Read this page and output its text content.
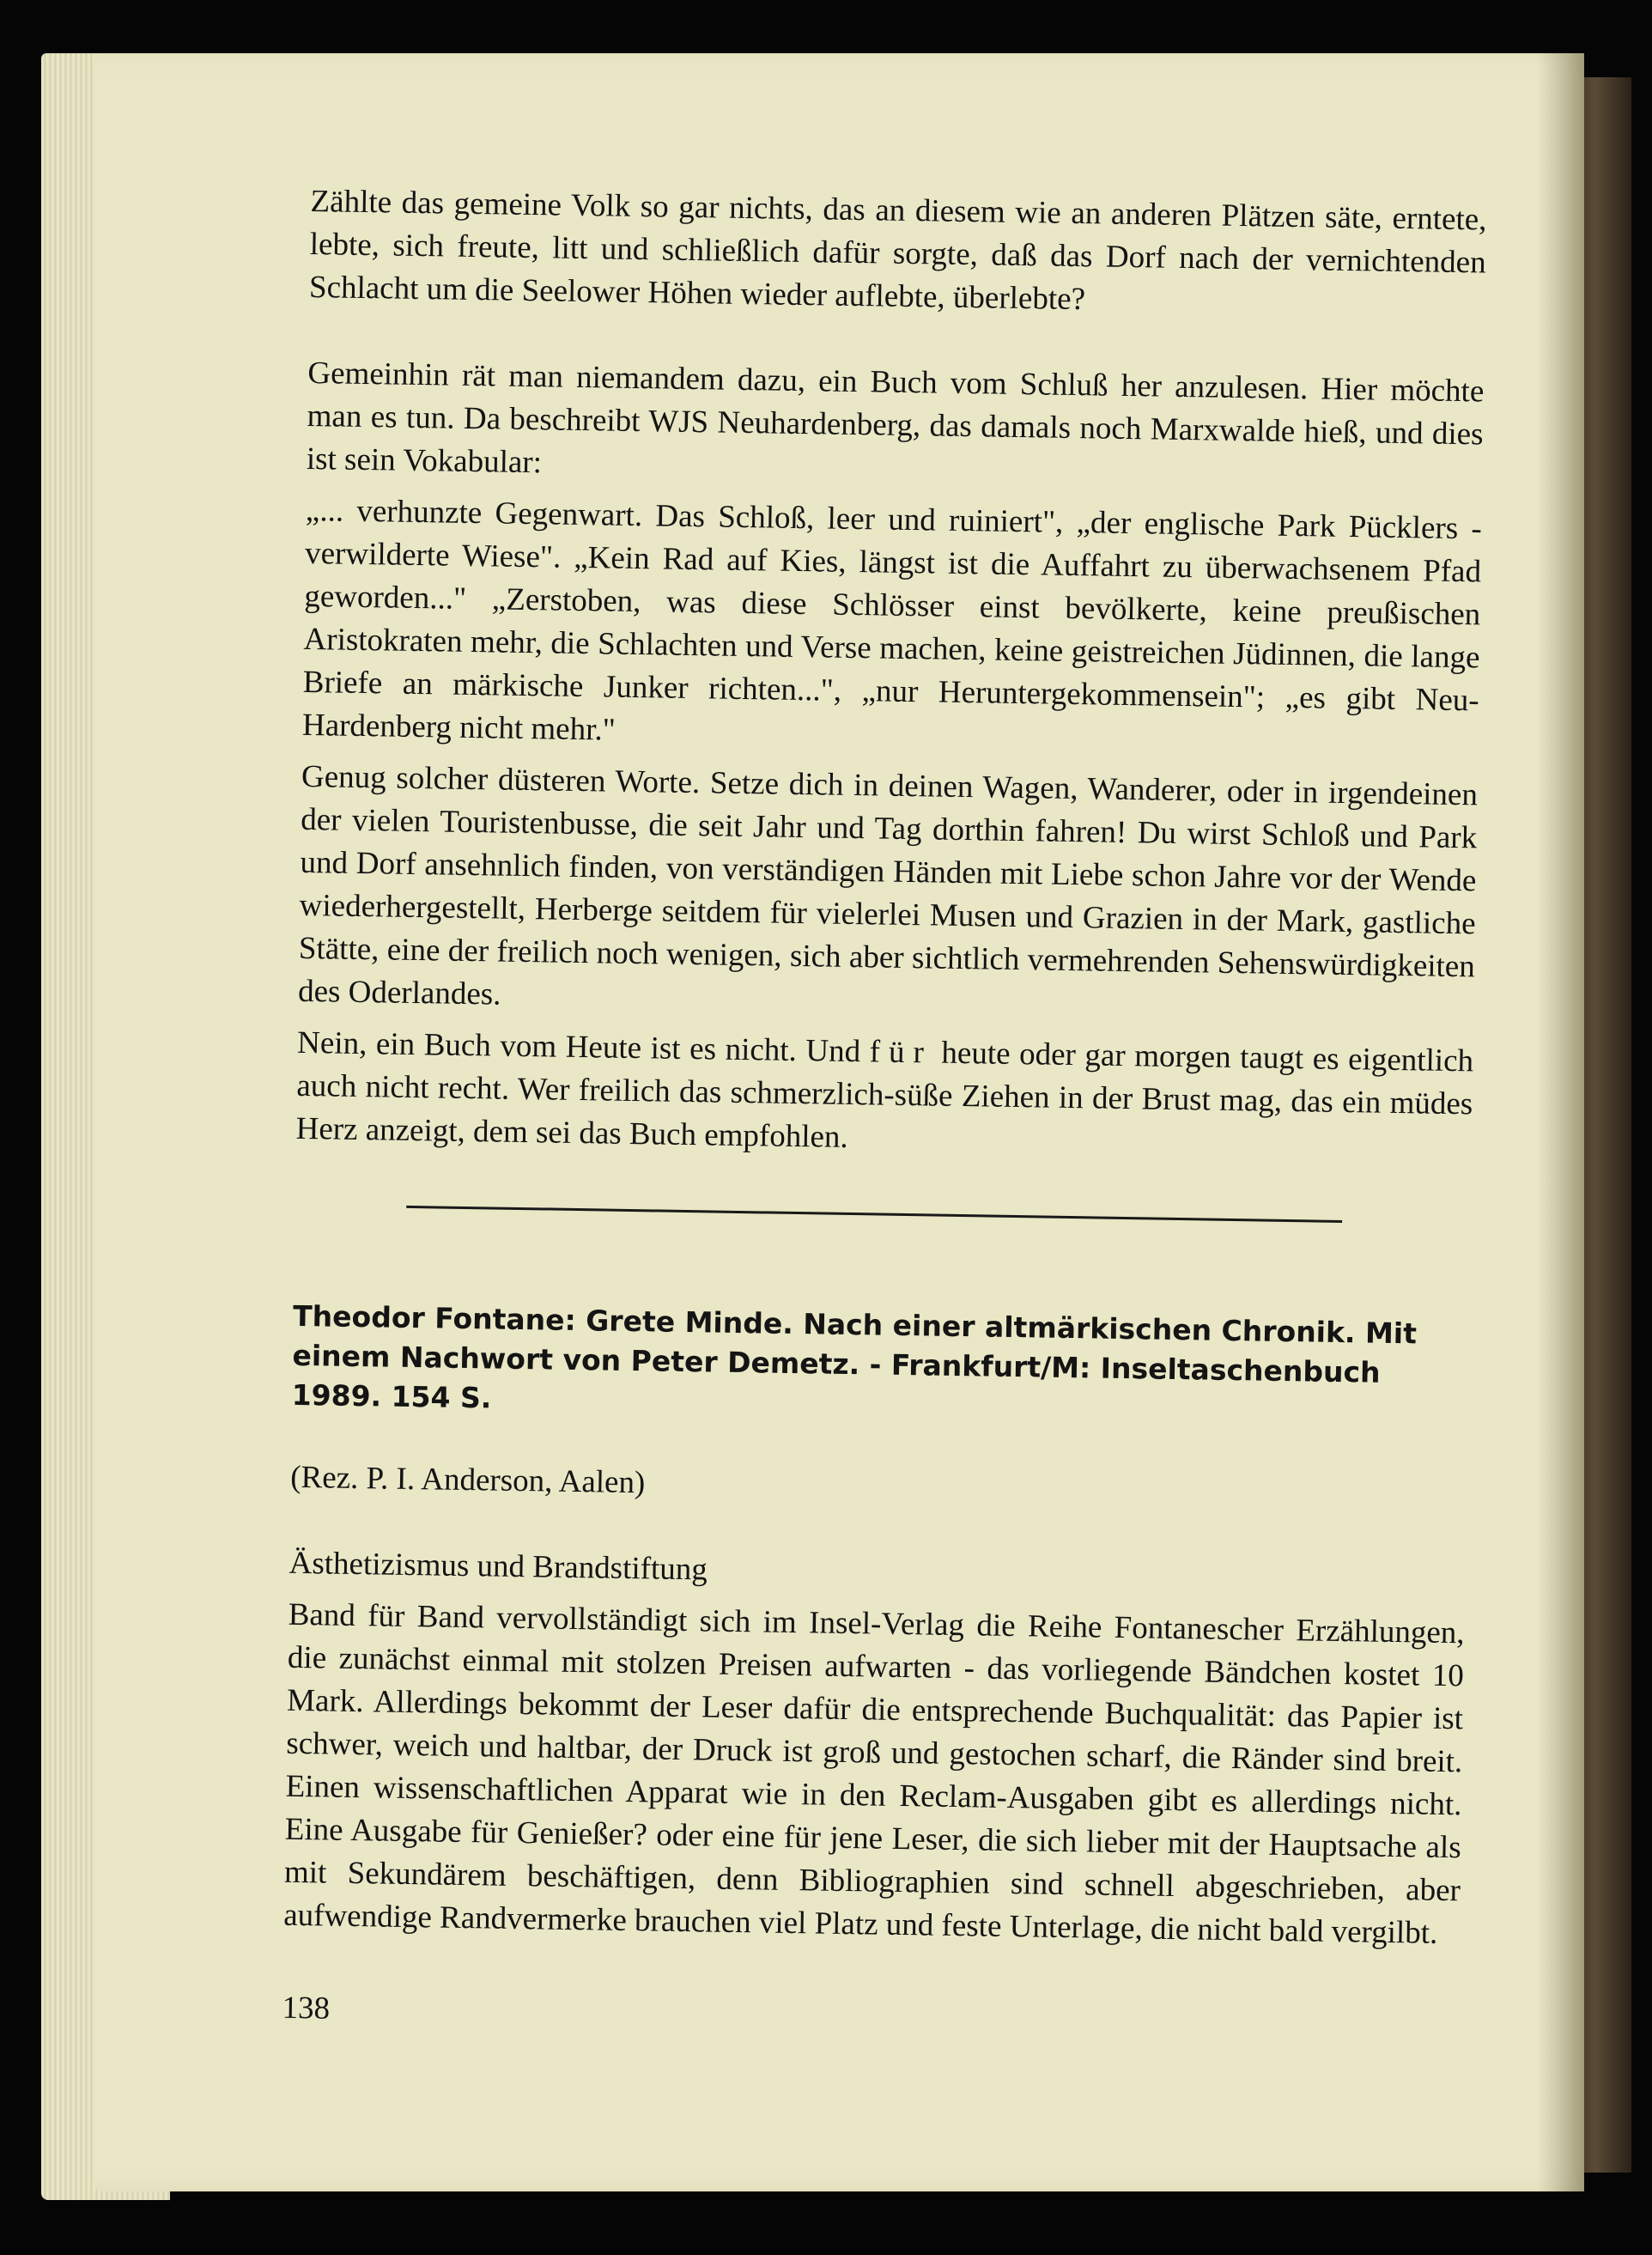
Zählte das gemeine Volk so gar nichts, das an diesem wie an anderen Plätzen säte, erntete, lebte, sich freute, litt und schließlich dafür sorgte, daß das Dorf nach der vernichtenden Schlacht um die Seelower Höhen wieder auflebte, überlebte?

Gemeinhin rät man niemandem dazu, ein Buch vom Schluß her anzulesen. Hier möchte man es tun. Da beschreibt WJS Neuhardenberg, das damals noch Marxwalde hieß, und dies ist sein Vokabular:

„... verhunzte Gegenwart. Das Schloß, leer und ruiniert", „der englische Park Pücklers - verwilderte Wiese". „Kein Rad auf Kies, längst ist die Auffahrt zu überwachsenem Pfad geworden..." „Zerstoben, was diese Schlösser einst bevölkerte, keine preußischen Aristokraten mehr, die Schlachten und Verse machen, keine geistreichen Jüdinnen, die lange Briefe an märkische Junker richten...", „nur Heruntergekommensein"; „es gibt Neu-Hardenberg nicht mehr."

Genug solcher düsteren Worte. Setze dich in deinen Wagen, Wanderer, oder in irgendeinen der vielen Touristenbusse, die seit Jahr und Tag dorthin fahren! Du wirst Schloß und Park und Dorf ansehnlich finden, von verständigen Händen mit Liebe schon Jahre vor der Wende wiederhergestellt, Herberge seitdem für vielerlei Musen und Grazien in der Mark, gastliche Stätte, eine der freilich noch wenigen, sich aber sichtlich vermehrenden Sehenswürdigkeiten des Oderlandes.

Nein, ein Buch vom Heute ist es nicht. Und für heute oder gar morgen taugt es eigentlich auch nicht recht. Wer freilich das schmerzlich-süße Ziehen in der Brust mag, das ein müdes Herz anzeigt, dem sei das Buch empfohlen.

Theodor Fontane: Grete Minde. Nach einer altmärkischen Chronik. Mit einem Nachwort von Peter Demetz. - Frankfurt/M: Inseltaschenbuch 1989. 154 S.

(Rez. P. I. Anderson, Aalen)

Ästhetizismus und Brandstiftung

Band für Band vervollständigt sich im Insel-Verlag die Reihe Fontanescher Erzählungen, die zunächst einmal mit stolzen Preisen aufwarten - das vorliegende Bändchen kostet 10 Mark. Allerdings bekommt der Leser dafür die entsprechende Buchqualität: das Papier ist schwer, weich und haltbar, der Druck ist groß und gestochen scharf, die Ränder sind breit. Einen wissenschaftlichen Apparat wie in den Reclam-Ausgaben gibt es allerdings nicht. Eine Ausgabe für Genießer? oder eine für jene Leser, die sich lieber mit der Hauptsache als mit Sekundärem beschäftigen, denn Bibliographien sind schnell abgeschrieben, aber aufwendige Randvermerke brauchen viel Platz und feste Unterlage, die nicht bald vergilbt.

138
